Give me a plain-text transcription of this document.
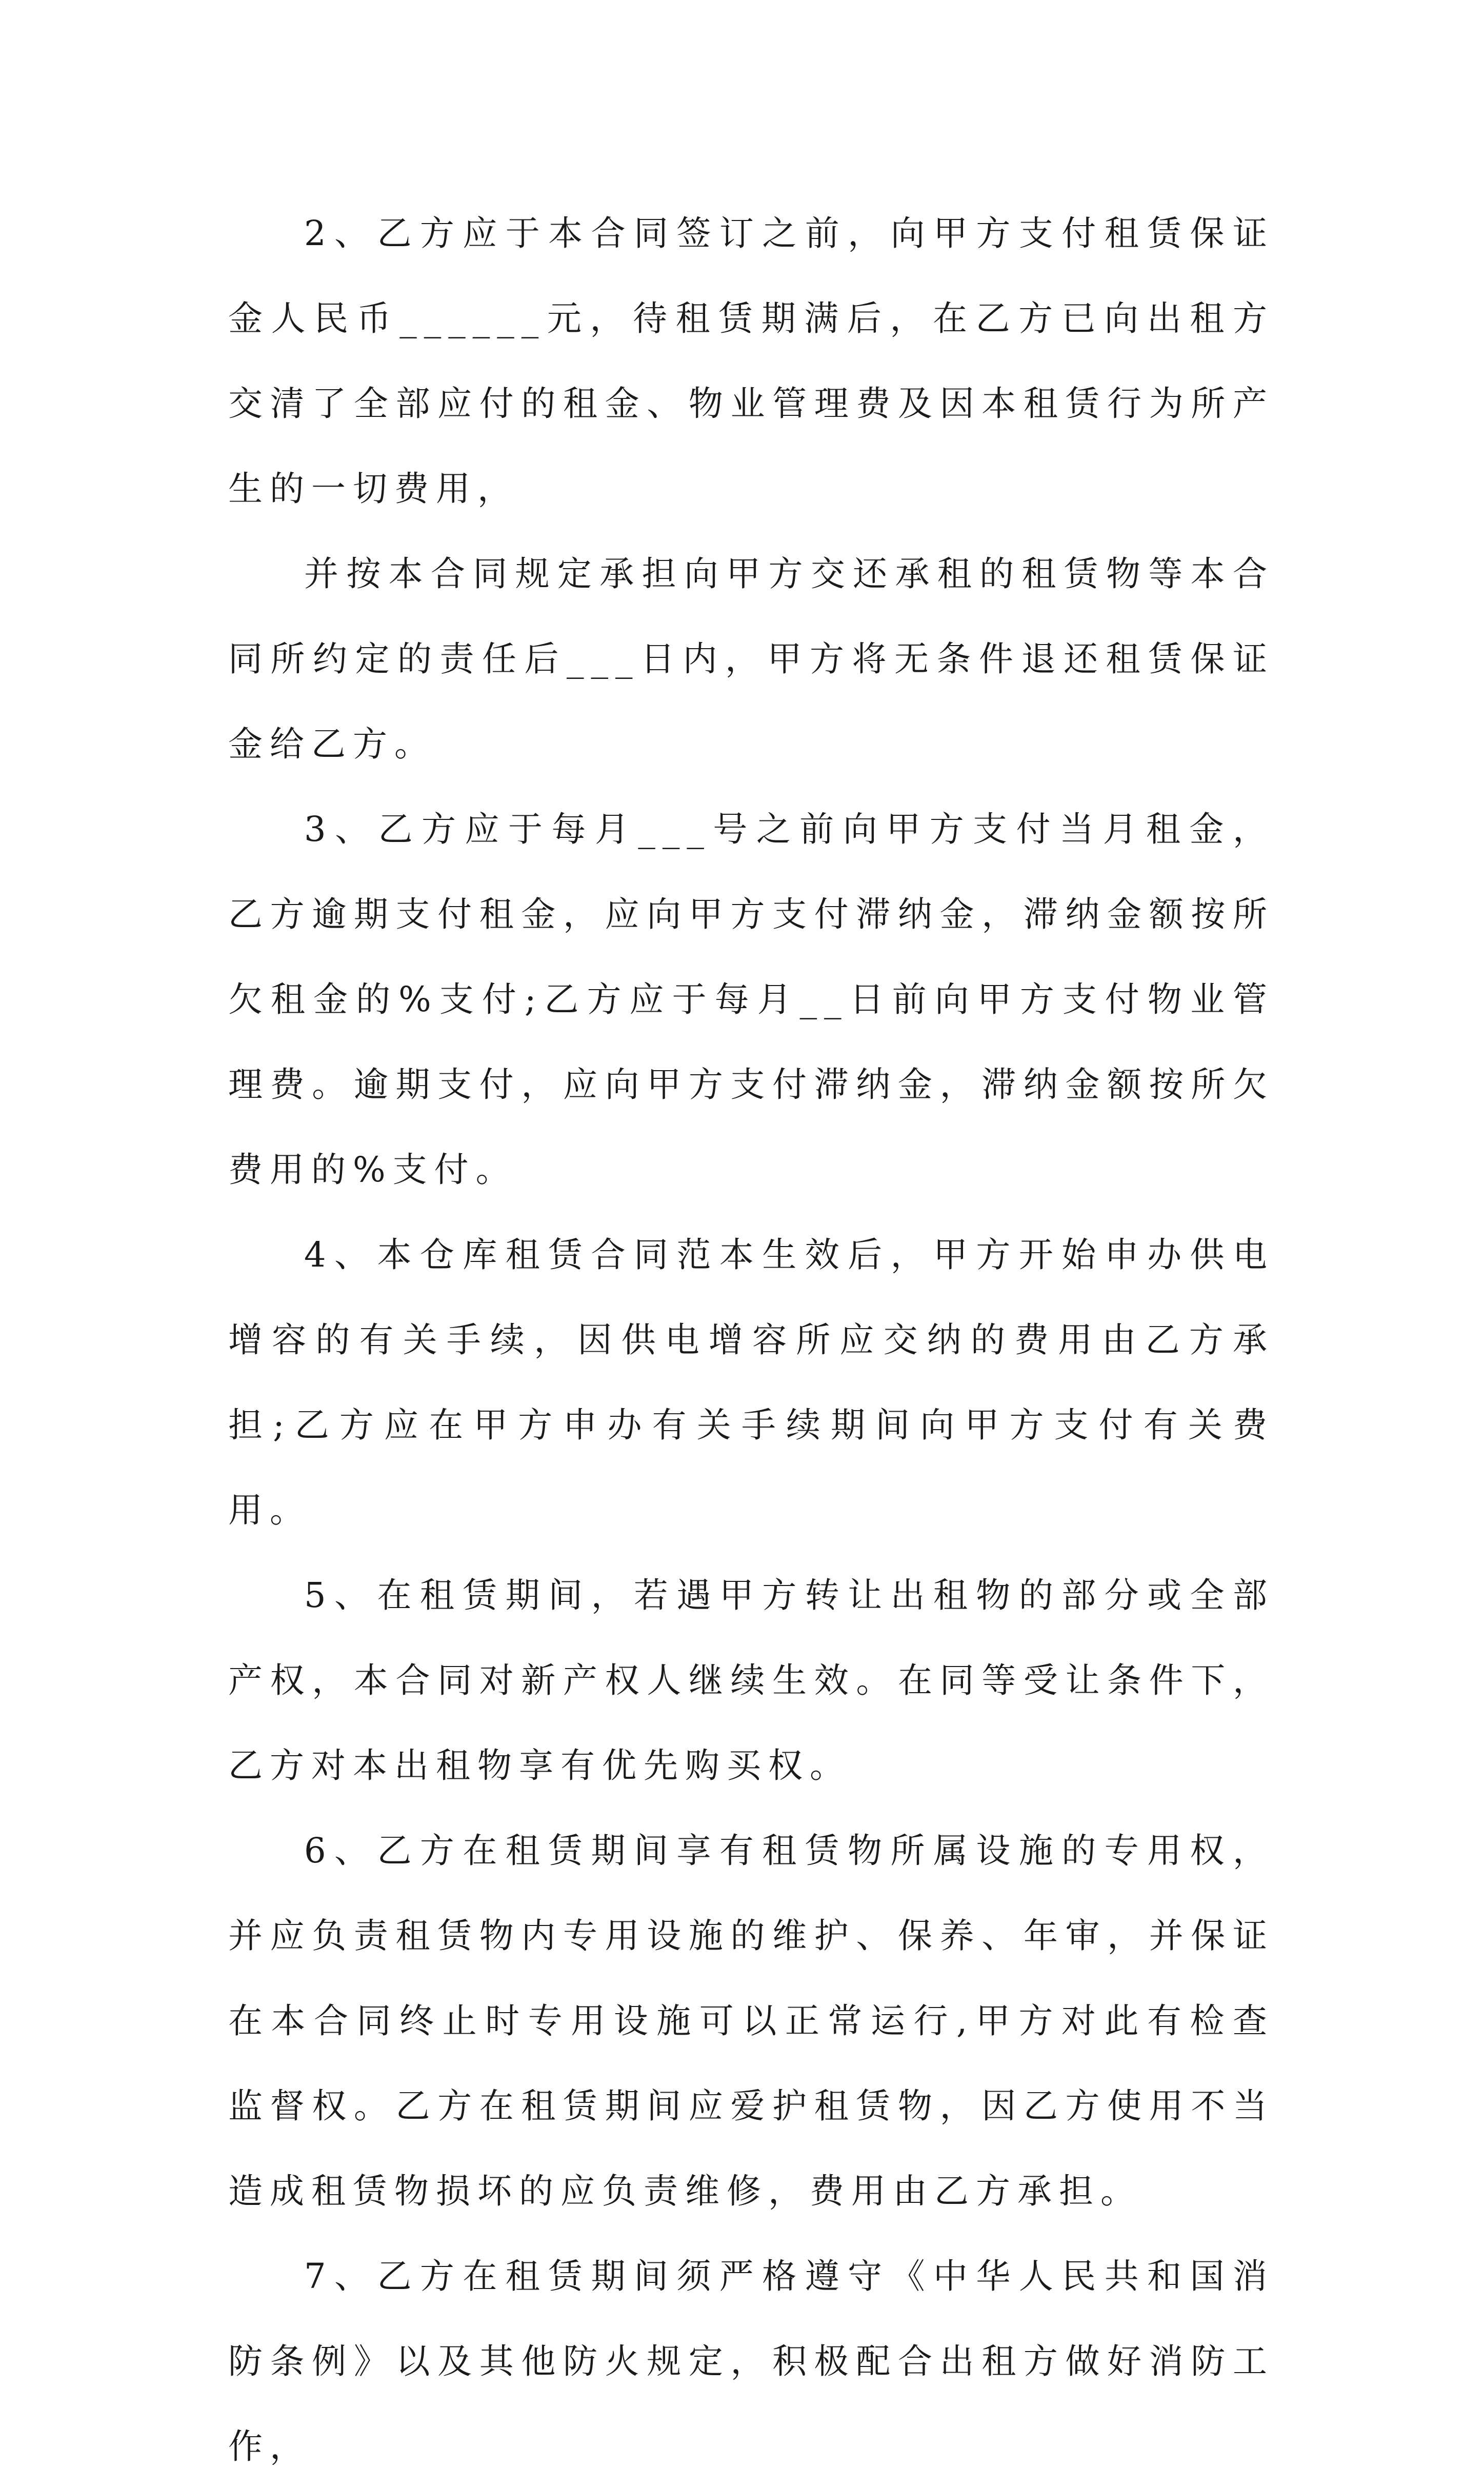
2、乙方应于本合同签订之前，向甲方支付租赁保证金人民币______元，待租赁期满后，在乙方已向出租方交清了全部应付的租金、物业管理费及因本租赁行为所产生的一切费用，

并按本合同规定承担向甲方交还承租的租赁物等本合同所约定的责任后___日内，甲方将无条件退还租赁保证金给乙方。

3、乙方应于每月___号之前向甲方支付当月租金，乙方逾期支付租金，应向甲方支付滞纳金，滞纳金额按所欠租金的%支付;乙方应于每月__日前向甲方支付物业管理费。逾期支付，应向甲方支付滞纳金，滞纳金额按所欠费用的%支付。

4、本仓库租赁合同范本生效后，甲方开始申办供电增容的有关手续，因供电增容所应交纳的费用由乙方承担;乙方应在甲方申办有关手续期间向甲方支付有关费用。

5、在租赁期间，若遇甲方转让出租物的部分或全部产权，本合同对新产权人继续生效。在同等受让条件下，乙方对本出租物享有优先购买权。

6、乙方在租赁期间享有租赁物所属设施的专用权，并应负责租赁物内专用设施的维护、保养、年审，并保证在本合同终止时专用设施可以正常运行,甲方对此有检查监督权。乙方在租赁期间应爱护租赁物，因乙方使用不当造成租赁物损坏的应负责维修，费用由乙方承担。

7、乙方在租赁期间须严格遵守《中华人民共和国消防条例》以及其他防火规定，积极配合出租方做好消防工作，
